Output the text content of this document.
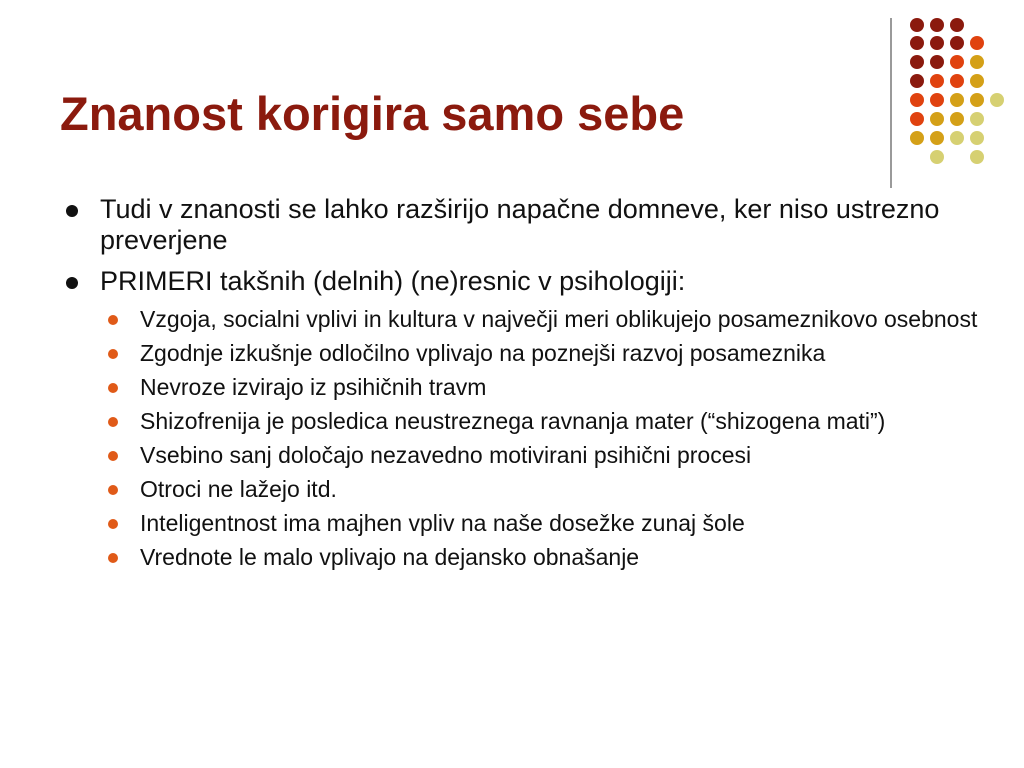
Znanost korigira samo sebe
Tudi v znanosti se lahko razširijo napačne domneve, ker niso ustrezno preverjene
PRIMERI takšnih (delnih) (ne)resnic v psihologiji:
Vzgoja, socialni vplivi in kultura v največji meri oblikujejo posameznikovo osebnost
Zgodnje izkušnje odločilno vplivajo na poznejši razvoj posameznika
Nevroze izvirajo iz psihičnih travm
Shizofrenija je posledica neustreznega ravnanja mater (“shizogena mati”)
Vsebino sanj določajo nezavedno motivirani psihični procesi
Otroci ne lažejo itd.
Inteligentnost ima majhen vpliv na naše dosežke zunaj šole
Vrednote le malo vplivajo na dejansko obnašanje
